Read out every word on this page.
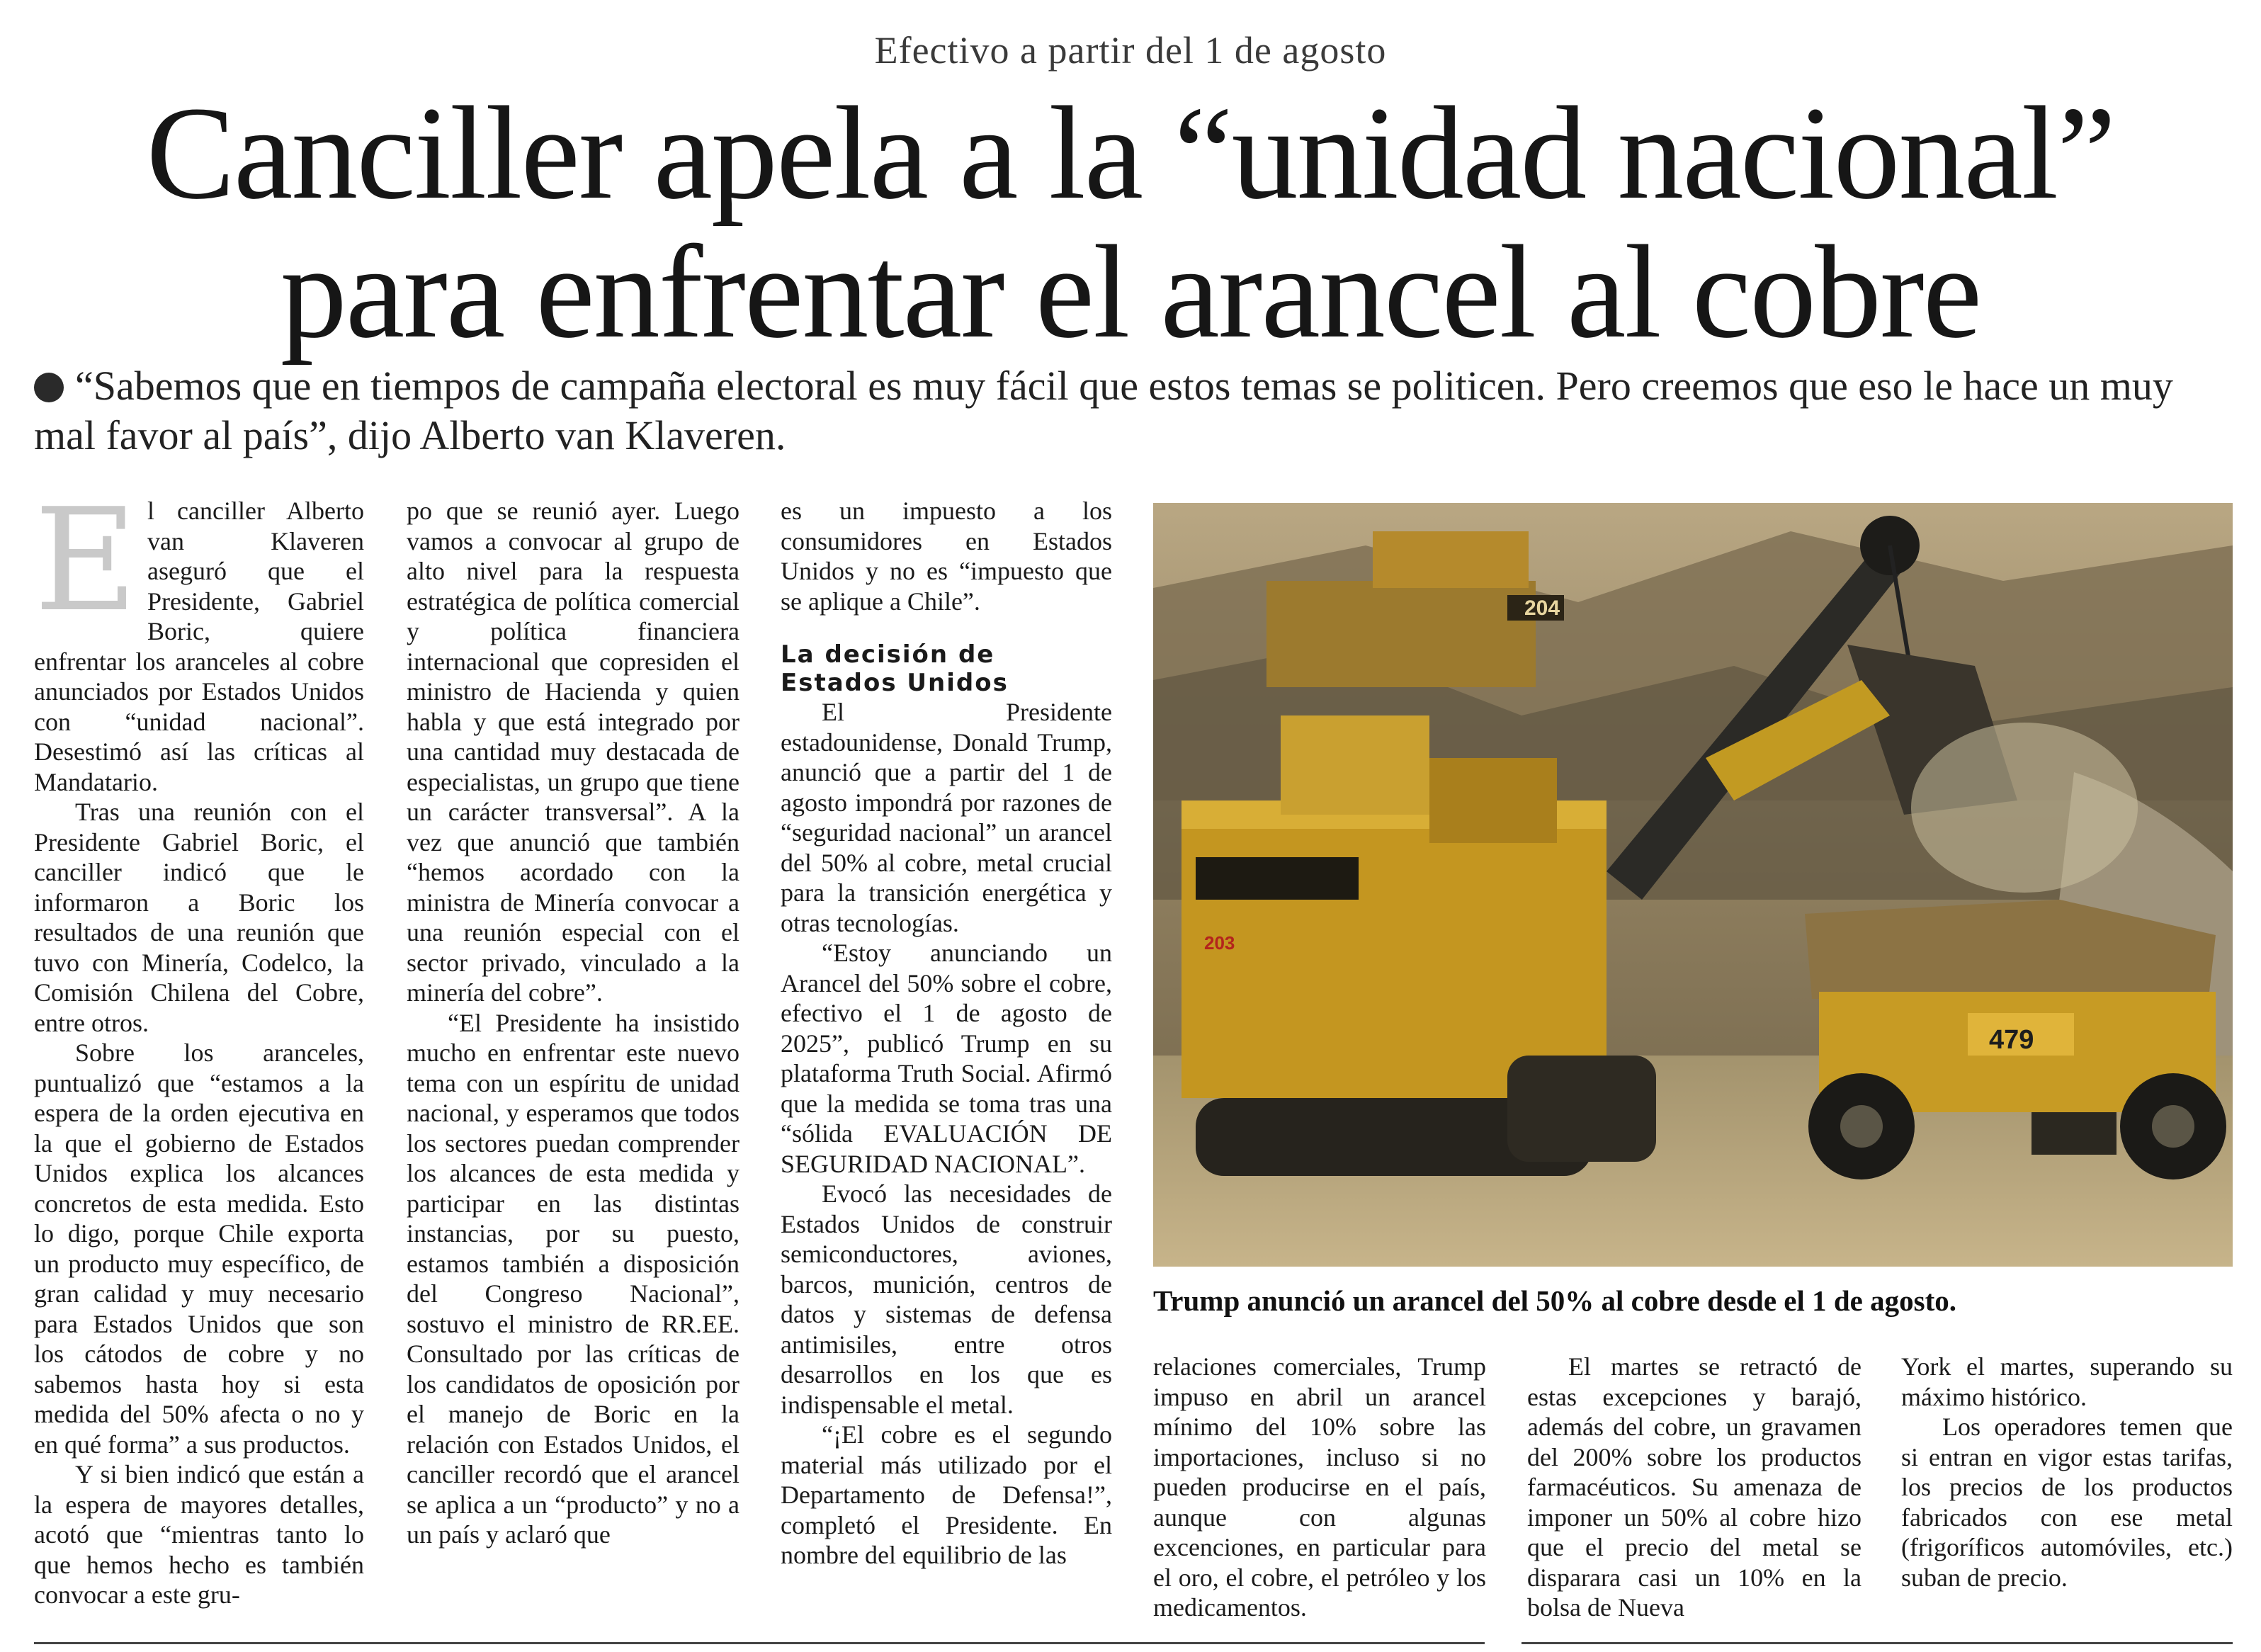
Efectivo a partir del 1 de agosto
Canciller apela a la “unidad nacional”
para enfrentar el arancel al cobre
“Sabemos que en tiempos de campaña electoral es muy fácil que estos temas se politicen. Pero creemos que eso le hace un muy mal favor al país”, dijo Alberto van Klaveren.
E l canciller Alberto van Klaveren aseguró que el Presidente, Gabriel Boric, quiere enfrentar los aranceles al cobre anunciados por Estados Unidos con “unidad nacional”. Desestimó así las críticas al Mandatario.

Tras una reunión con el Presidente Gabriel Boric, el canciller indicó que le informaron a Boric los resultados de una reunión que tuvo con Minería, Codelco, la Comisión Chilena del Cobre, entre otros.

Sobre los aranceles, puntualizó que “estamos a la espera de la orden ejecutiva en la que el gobierno de Estados Unidos explica los alcances concretos de esta medida. Esto lo digo, porque Chile exporta un producto muy específico, de gran calidad y muy necesario para Estados Unidos que son los cátodos de cobre y no sabemos hasta hoy si esta medida del 50% afecta o no y en qué forma” a sus productos.

Y si bien indicó que están a la espera de mayores detalles, acotó que “mientras tanto lo que hemos hecho es también convocar a este gru-

po que se reunió ayer. Luego vamos a convocar al grupo de alto nivel para la respuesta estratégica de política comercial y política financiera internacional que copresiden el ministro de Hacienda y quien habla y que está integrado por una cantidad muy destacada de especialistas, un grupo que tiene un carácter transversal”. A la vez que anunció que también “hemos acordado con la ministra de Minería convocar a una reunión especial con el sector privado, vinculado a la minería del cobre”.

“El Presidente ha insistido mucho en enfrentar este nuevo tema con un espíritu de unidad nacional, y esperamos que todos los sectores puedan comprender los alcances de esta medida y participar en las distintas instancias, por su puesto, estamos también a disposición del Congreso Nacional”, sostuvo el ministro de RR.EE. Consultado por las críticas de los candidatos de oposición por el manejo de Boric en la relación con Estados Unidos, el canciller recordó que el arancel se aplica a un “producto” y no a un país y aclaró que

es un impuesto a los consumidores en Estados Unidos y no es “impuesto que se aplique a Chile”.

La decisión de Estados Unidos

El Presidente estadounidense, Donald Trump, anunció que a partir del 1 de agosto impondrá por razones de “seguridad nacional” un arancel del 50% al cobre, metal crucial para la transición energética y otras tecnologías.

“Estoy anunciando un Arancel del 50% sobre el cobre, efectivo el 1 de agosto de 2025”, publicó Trump en su plataforma Truth Social. Afirmó que la medida se toma tras una “sólida EVALUACIÓN DE SEGURIDAD NACIONAL”.

Evocó las necesidades de Estados Unidos de construir semiconductores, aviones, barcos, munición, centros de datos y sistemas de defensa antimisiles, entre otros desarrollos en los que es indispensable el metal.

“¡El cobre es el segundo material más utilizado por el Departamento de Defensa!”, completó el Presidente. En nombre del equilibrio de las

204
203
479
Trump anunció un arancel del 50% al cobre desde el 1 de agosto.

relaciones comerciales, Trump impuso en abril un arancel mínimo del 10% sobre las importaciones, incluso si no pueden producirse en el país, aunque con algunas excenciones, en particular para el oro, el cobre, el petróleo y los medicamentos.

El martes se retractó de estas excepciones y barajó, además del cobre, un gravamen del 200% sobre los productos farmacéuticos. Su amenaza de imponer un 50% al cobre hizo que el precio del metal se disparara casi un 10% en la bolsa de Nueva

York el martes, superando su máximo histórico.

Los operadores temen que si entran en vigor estas tarifas, los precios de los productos fabricados con ese metal (frigoríficos automóviles, etc.) suban de precio.
